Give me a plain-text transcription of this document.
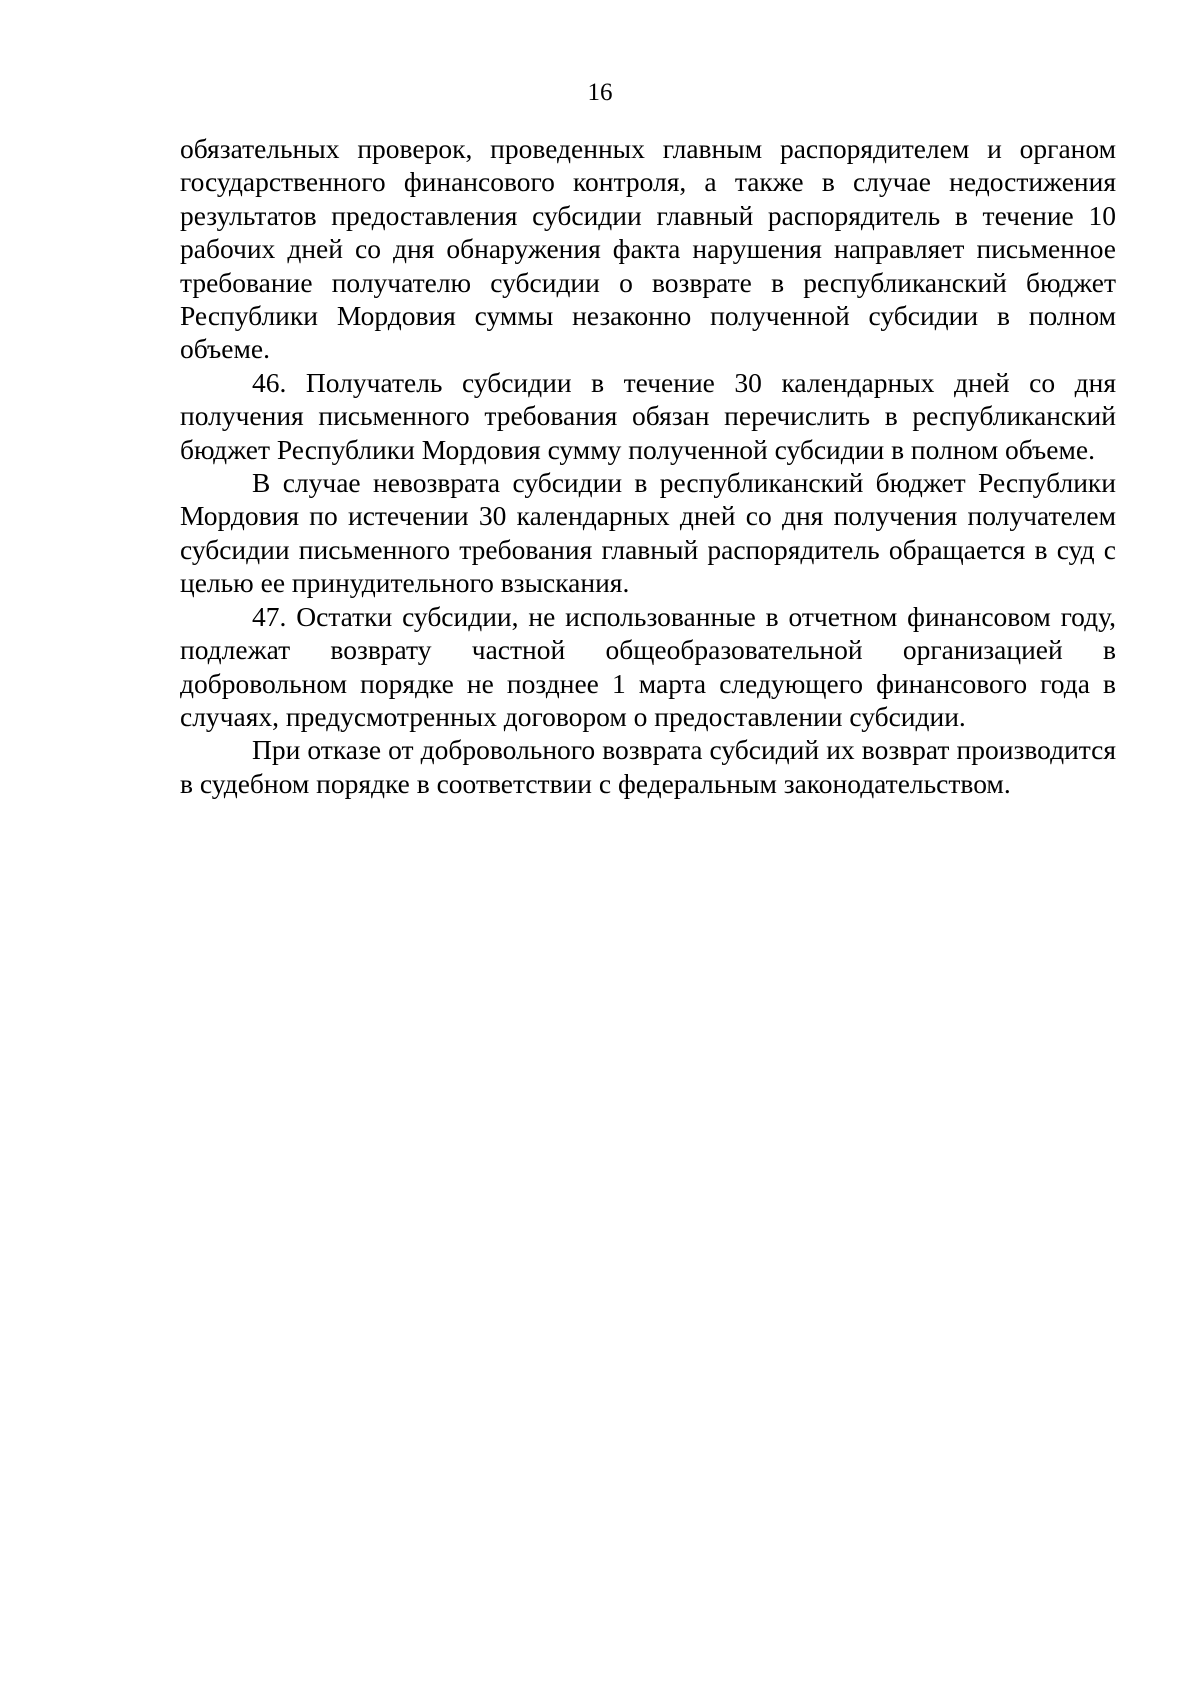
16

обязательных проверок, проведенных главным распорядителем и органом государственного финансового контроля, а также в случае недостижения результатов предоставления субсидии главный распорядитель в течение 10 рабочих дней со дня обнаружения факта нарушения направляет письменное требование получателю субсидии о возврате в республиканский бюджет Республики Мордовия суммы незаконно полученной субсидии в полном объеме.

46. Получатель субсидии в течение 30 календарных дней со дня получения письменного требования обязан перечислить в республиканский бюджет Республики Мордовия сумму полученной субсидии в полном объеме.

В случае невозврата субсидии в республиканский бюджет Республики Мордовия по истечении 30 календарных дней со дня получения получателем субсидии письменного требования главный распорядитель обращается в суд с целью ее принудительного взыскания.

47. Остатки субсидии, не использованные в отчетном финансовом году, подлежат возврату частной общеобразовательной организацией в добровольном порядке не позднее 1 марта следующего финансового года в случаях, предусмотренных договором о предоставлении субсидии.

При отказе от добровольного возврата субсидий их возврат производится в судебном порядке в соответствии с федеральным законодательством.
